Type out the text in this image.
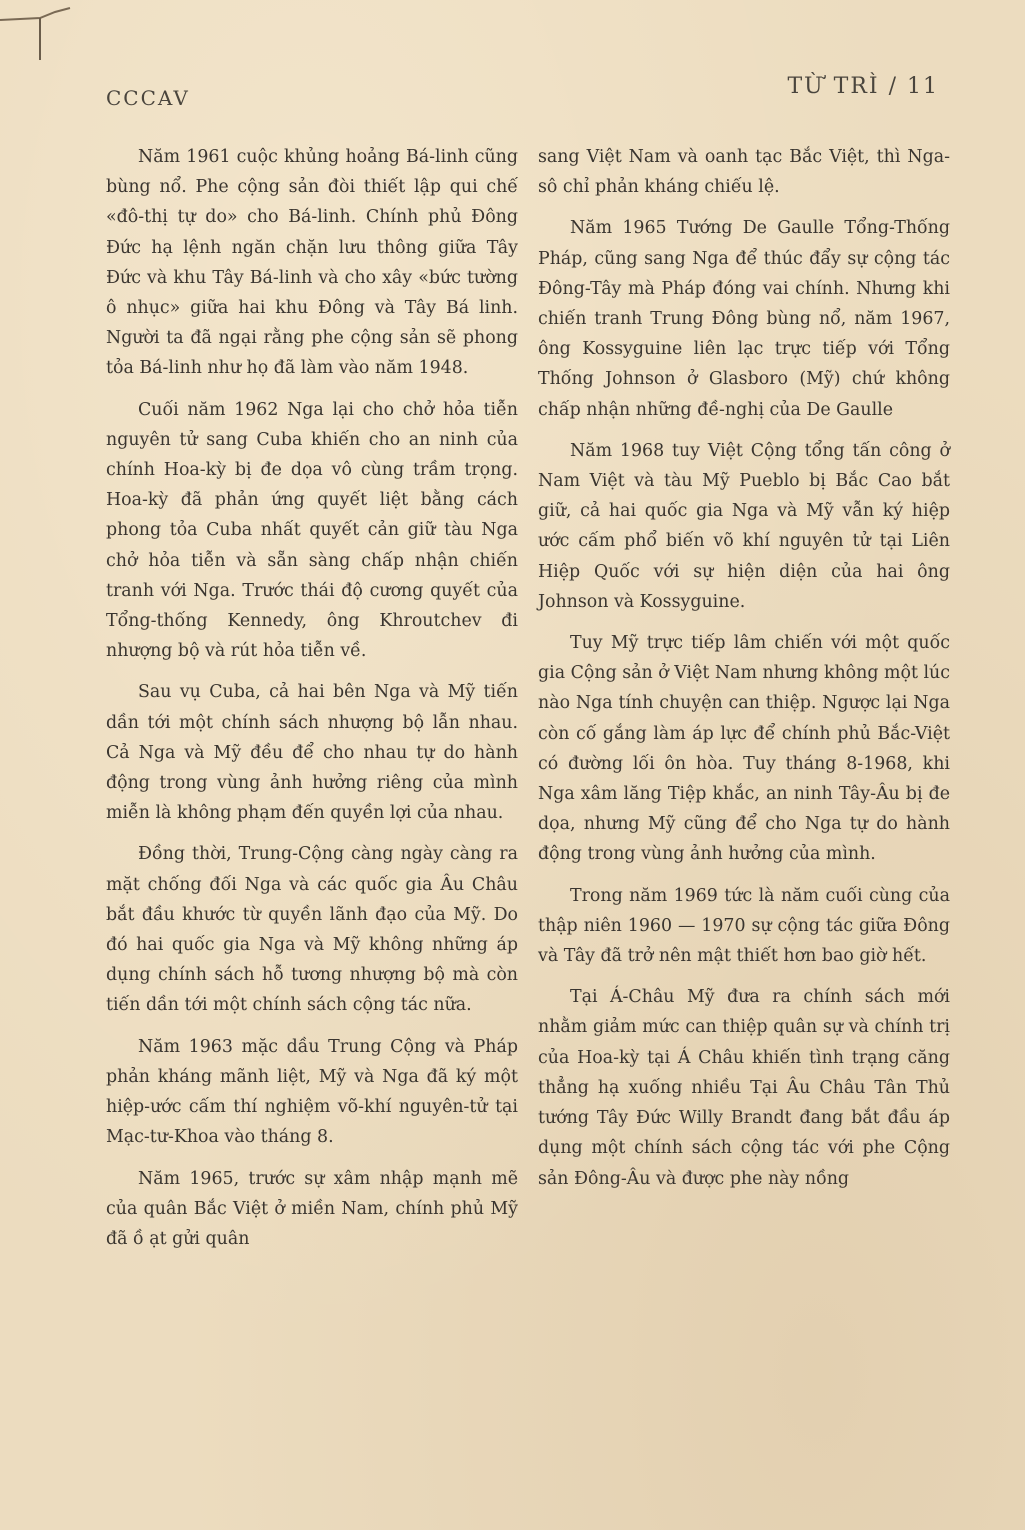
CCCAV	TỪ TRÌ / 11

Năm 1961 cuộc khủng hoảng Bá-linh cũng bùng nổ. Phe cộng sản đòi thiết lập qui chế «đô-thị tự do» cho Bá-linh. Chính phủ Đông Đức hạ lệnh ngăn chặn lưu thông giữa Tây Đức và khu Tây Bá-linh và cho xây «bức tường ô nhục» giữa hai khu Đông và Tây Bá linh. Người ta đã ngại rằng phe cộng sản sẽ phong tỏa Bá-linh như họ đã làm vào năm 1948.

Cuối năm 1962 Nga lại cho chở hỏa tiễn nguyên tử sang Cuba khiến cho an ninh của chính Hoa-kỳ bị đe dọa vô cùng trầm trọng. Hoa-kỳ đã phản ứng quyết liệt bằng cách phong tỏa Cuba nhất quyết cản giữ tàu Nga chở hỏa tiễn và sẵn sàng chấp nhận chiến tranh với Nga. Trước thái độ cương quyết của Tổng-thống Kennedy, ông Khroutchev đi nhượng bộ và rút hỏa tiễn về.

Sau vụ Cuba, cả hai bên Nga và Mỹ tiến dần tới một chính sách nhượng bộ lẫn nhau. Cả Nga và Mỹ đều để cho nhau tự do hành động trong vùng ảnh hưởng riêng của mình miễn là không phạm đến quyền lợi của nhau.

Đồng thời, Trung-Cộng càng ngày càng ra mặt chống đối Nga và các quốc gia Âu Châu bắt đầu khước từ quyền lãnh đạo của Mỹ. Do đó hai quốc gia Nga và Mỹ không những áp dụng chính sách hỗ tương nhượng bộ mà còn tiến dần tới một chính sách cộng tác nữa.

Năm 1963 mặc dầu Trung Cộng và Pháp phản kháng mãnh liệt, Mỹ và Nga đã ký một hiệp-ước cấm thí nghiệm võ-khí nguyên-tử tại Mạc-tư-Khoa vào tháng 8.

Năm 1965, trước sự xâm nhập mạnh mẽ của quân Bắc Việt ở miền Nam, chính phủ Mỹ đã ồ ạt gửi quân

sang Việt Nam và oanh tạc Bắc Việt, thì Nga-sô chỉ phản kháng chiếu lệ.

Năm 1965 Tướng De Gaulle Tổng-Thống Pháp, cũng sang Nga để thúc đẩy sự cộng tác Đông-Tây mà Pháp đóng vai chính. Nhưng khi chiến tranh Trung Đông bùng nổ, năm 1967, ông Kossyguine liên lạc trực tiếp với Tổng Thống Johnson ở Glasboro (Mỹ) chứ không chấp nhận những đề-nghị của De Gaulle

Năm 1968 tuy Việt Cộng tổng tấn công ở Nam Việt và tàu Mỹ Pueblo bị Bắc Cao bắt giữ, cả hai quốc gia Nga và Mỹ vẫn ký hiệp ước cấm phổ biến võ khí nguyên tử tại Liên Hiệp Quốc với sự hiện diện của hai ông Johnson và Kossyguine.

Tuy Mỹ trực tiếp lâm chiến với một quốc gia Cộng sản ở Việt Nam nhưng không một lúc nào Nga tính chuyện can thiệp. Ngược lại Nga còn cố gắng làm áp lực để chính phủ Bắc-Việt có đường lối ôn hòa. Tuy tháng 8-1968, khi Nga xâm lăng Tiệp khắc, an ninh Tây-Âu bị đe dọa, nhưng Mỹ cũng để cho Nga tự do hành động trong vùng ảnh hưởng của mình.

Trong năm 1969 tức là năm cuối cùng của thập niên 1960 — 1970 sự cộng tác giữa Đông và Tây đã trở nên mật thiết hơn bao giờ hết.

Tại Á-Châu Mỹ đưa ra chính sách mới nhằm giảm mức can thiệp quân sự và chính trị của Hoa-kỳ tại Á Châu khiến tình trạng căng thẳng hạ xuống nhiều Tại Âu Châu Tân Thủ tướng Tây Đức Willy Brandt đang bắt đầu áp dụng một chính sách cộng tác với phe Cộng sản Đông-Âu và được phe này nồng
